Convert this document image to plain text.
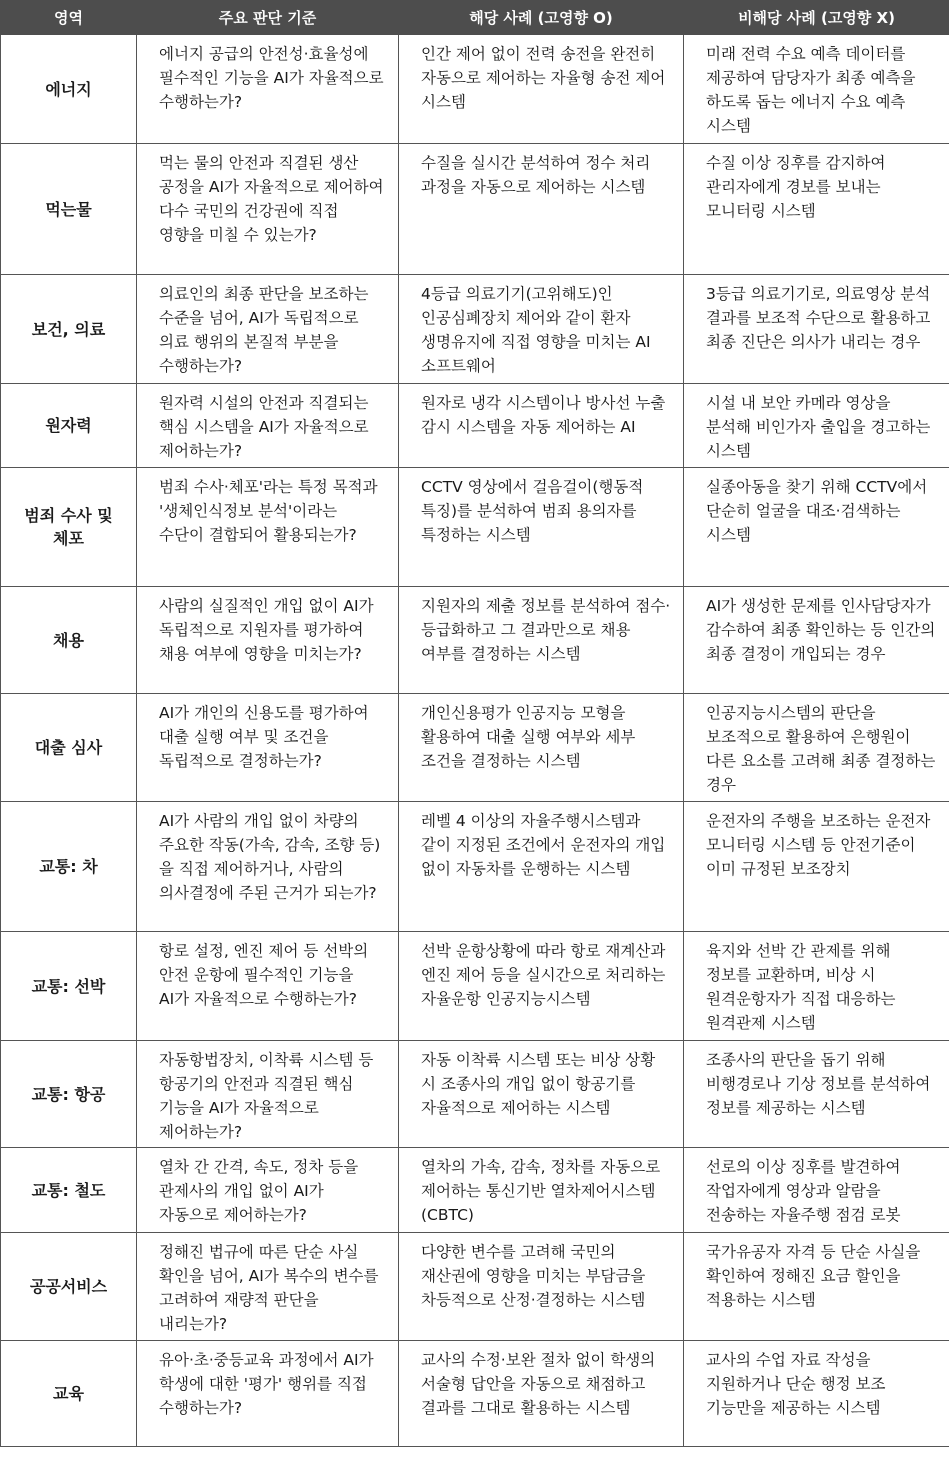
영역	주요 판단 기준	해당 사례 (고영향 O)	비해당 사례 (고영향 X)
에너지	에너지 공급의 안전성·효율성에 필수적인 기능을 AI가 자율적으로 수행하는가?	인간 제어 없이 전력 송전을 완전히 자동으로 제어하는 자율형 송전 제어 시스템	미래 전력 수요 예측 데이터를 제공하여 담당자가 최종 예측을 하도록 돕는 에너지 수요 예측 시스템
먹는물	먹는 물의 안전과 직결된 생산 공정을 AI가 자율적으로 제어하여 다수 국민의 건강권에 직접 영향을 미칠 수 있는가?	수질을 실시간 분석하여 정수 처리 과정을 자동으로 제어하는 시스템	수질 이상 징후를 감지하여 관리자에게 경보를 보내는 모니터링 시스템
보건, 의료	의료인의 최종 판단을 보조하는 수준을 넘어, AI가 독립적으로 의료 행위의 본질적 부분을 수행하는가?	4등급 의료기기(고위해도)인 인공심폐장치 제어와 같이 환자 생명유지에 직접 영향을 미치는 AI 소프트웨어	3등급 의료기기로, 의료영상 분석 결과를 보조적 수단으로 활용하고 최종 진단은 의사가 내리는 경우
원자력	원자력 시설의 안전과 직결되는 핵심 시스템을 AI가 자율적으로 제어하는가?	원자로 냉각 시스템이나 방사선 누출 감시 시스템을 자동 제어하는 AI	시설 내 보안 카메라 영상을 분석해 비인가자 출입을 경고하는 시스템
범죄 수사 및 체포	범죄 수사·체포'라는 특정 목적과 '생체인식정보 분석'이라는 수단이 결합되어 활용되는가?	CCTV 영상에서 걸음걸이(행동적 특징)를 분석하여 범죄 용의자를 특정하는 시스템	실종아동을 찾기 위해 CCTV에서 단순히 얼굴을 대조·검색하는 시스템
채용	사람의 실질적인 개입 없이 AI가 독립적으로 지원자를 평가하여 채용 여부에 영향을 미치는가?	지원자의 제출 정보를 분석하여 점수·등급화하고 그 결과만으로 채용 여부를 결정하는 시스템	AI가 생성한 문제를 인사담당자가 감수하여 최종 확인하는 등 인간의 최종 결정이 개입되는 경우
대출 심사	AI가 개인의 신용도를 평가하여 대출 실행 여부 및 조건을 독립적으로 결정하는가?	개인신용평가 인공지능 모형을 활용하여 대출 실행 여부와 세부 조건을 결정하는 시스템	인공지능시스템의 판단을 보조적으로 활용하여 은행원이 다른 요소를 고려해 최종 결정하는 경우
교통: 차	AI가 사람의 개입 없이 차량의 주요한 작동(가속, 감속, 조향 등)을 직접 제어하거나, 사람의 의사결정에 주된 근거가 되는가?	레벨 4 이상의 자율주행시스템과 같이 지정된 조건에서 운전자의 개입 없이 자동차를 운행하는 시스템	운전자의 주행을 보조하는 운전자 모니터링 시스템 등 안전기준이 이미 규정된 보조장치
교통: 선박	항로 설정, 엔진 제어 등 선박의 안전 운항에 필수적인 기능을 AI가 자율적으로 수행하는가?	선박 운항상황에 따라 항로 재계산과 엔진 제어 등을 실시간으로 처리하는 자율운항 인공지능시스템	육지와 선박 간 관제를 위해 정보를 교환하며, 비상 시 원격운항자가 직접 대응하는 원격관제 시스템
교통: 항공	자동항법장치, 이착륙 시스템 등 항공기의 안전과 직결된 핵심 기능을 AI가 자율적으로 제어하는가?	자동 이착륙 시스템 또는 비상 상황 시 조종사의 개입 없이 항공기를 자율적으로 제어하는 시스템	조종사의 판단을 돕기 위해 비행경로나 기상 정보를 분석하여 정보를 제공하는 시스템
교통: 철도	열차 간 간격, 속도, 정차 등을 관제사의 개입 없이 AI가 자동으로 제어하는가?	열차의 가속, 감속, 정차를 자동으로 제어하는 통신기반 열차제어시스템(CBTC)	선로의 이상 징후를 발견하여 작업자에게 영상과 알람을 전송하는 자율주행 점검 로봇
공공서비스	정해진 법규에 따른 단순 사실 확인을 넘어, AI가 복수의 변수를 고려하여 재량적 판단을 내리는가?	다양한 변수를 고려해 국민의 재산권에 영향을 미치는 부담금을 차등적으로 산정·결정하는 시스템	국가유공자 자격 등 단순 사실을 확인하여 정해진 요금 할인을 적용하는 시스템
교육	유아·초·중등교육 과정에서 AI가 학생에 대한 '평가' 행위를 직접 수행하는가?	교사의 수정·보완 절차 없이 학생의 서술형 답안을 자동으로 채점하고 결과를 그대로 활용하는 시스템	교사의 수업 자료 작성을 지원하거나 단순 행정 보조 기능만을 제공하는 시스템
